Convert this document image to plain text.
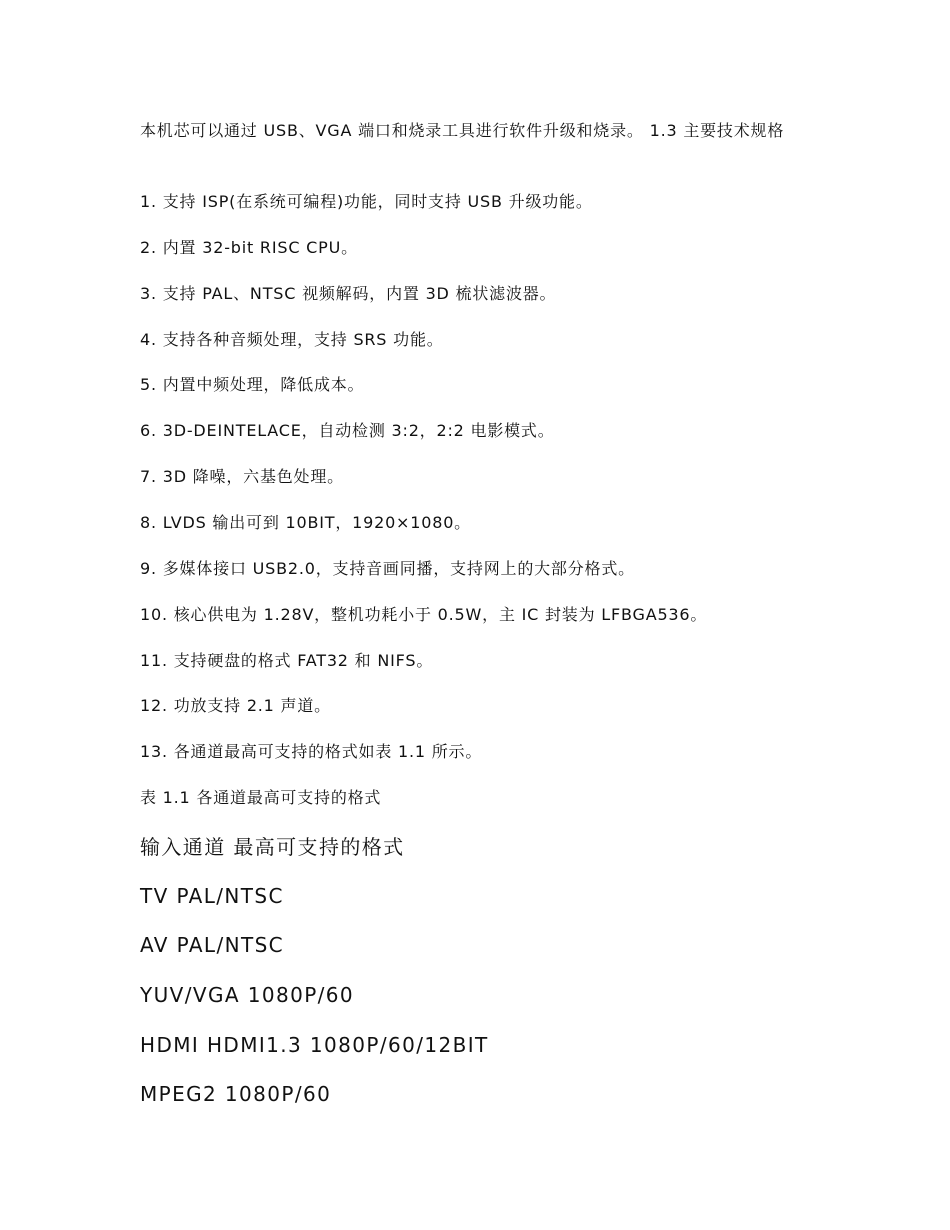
本机芯可以通过 USB、VGA 端口和烧录工具进行软件升级和烧录。 1.3 主要技术规格

1. 支持 ISP(在系统可编程)功能，同时支持 USB 升级功能。

2. 内置 32-bit RISC CPU。

3. 支持 PAL、NTSC 视频解码，内置 3D 梳状滤波器。

4. 支持各种音频处理，支持 SRS 功能。

5. 内置中频处理，降低成本。

6. 3D-DEINTELACE，自动检测 3:2，2:2 电影模式。

7. 3D 降噪，六基色处理。

8. LVDS 输出可到 10BIT，1920×1080。

9. 多媒体接口 USB2.0，支持音画同播，支持网上的大部分格式。

10. 核心供电为 1.28V，整机功耗小于 0.5W，主 IC 封装为 LFBGA536。

11. 支持硬盘的格式 FAT32 和 NIFS。

12. 功放支持 2.1 声道。

13. 各通道最高可支持的格式如表 1.1 所示。

表 1.1 各通道最高可支持的格式

输入通道 最高可支持的格式

TV PAL/NTSC

AV PAL/NTSC

YUV/VGA 1080P/60

HDMI HDMI1.3 1080P/60/12BIT

MPEG2 1080P/60
